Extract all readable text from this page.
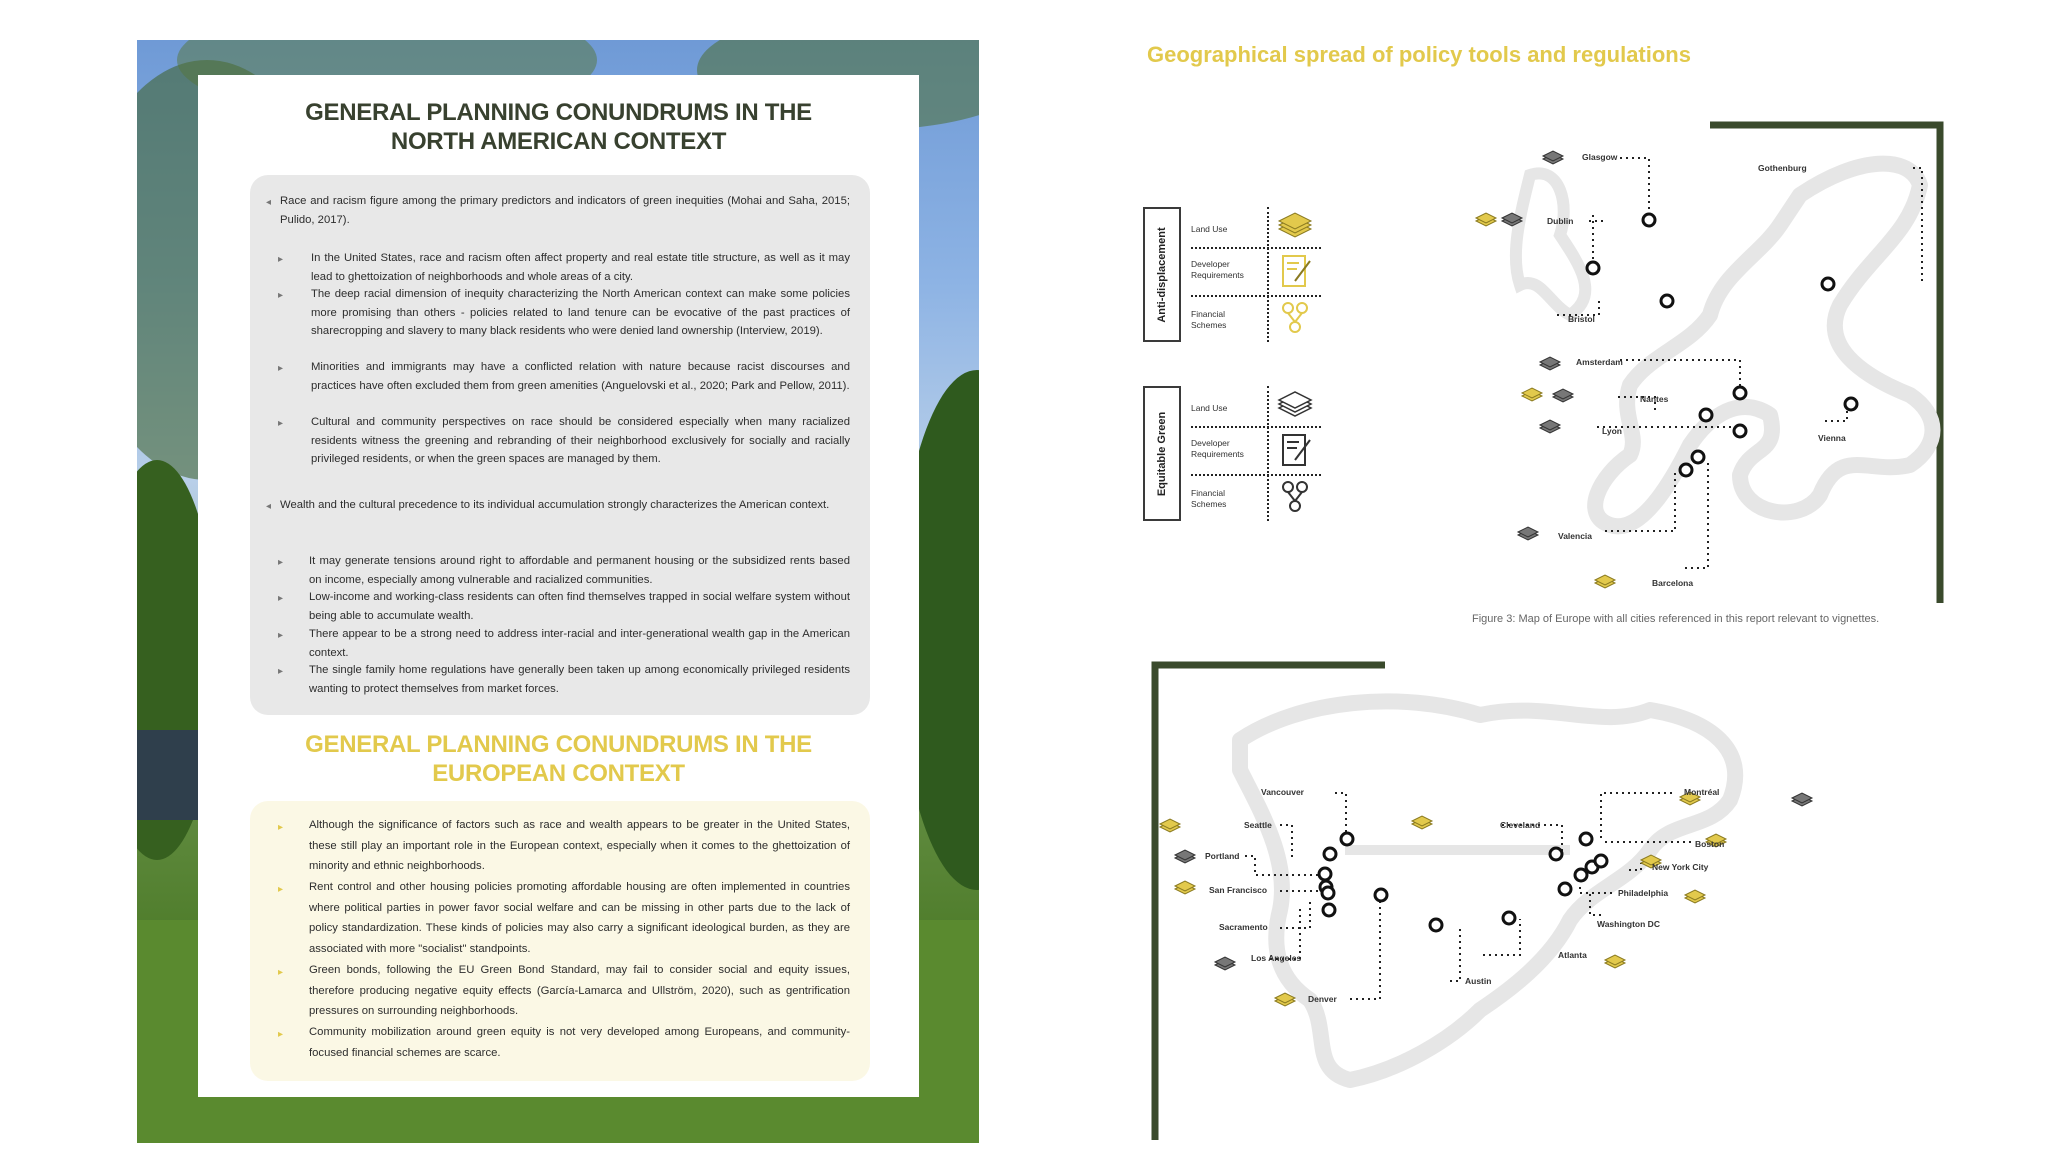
GENERAL PLANNING CONUNDRUMS IN THE
NORTH AMERICAN CONTEXT
◂ Race and racism figure among the primary predictors and indicators of green inequities (Mohai and Saha, 2015; Pulido, 2017).
▸ In the United States, race and racism often affect property and real estate title structure, as well as it may lead to ghettoization of neighborhoods and whole areas of a city.
▸ The deep racial dimension of inequity characterizing the North American context can make some policies more promising than others - policies related to land tenure can be evocative of the past practices of sharecropping and slavery to many black residents who were denied land ownership (Interview, 2019).
▸ Minorities and immigrants may have a conflicted relation with nature because racist discourses and practices have often excluded them from green amenities (Anguelovski et al., 2020; Park and Pellow, 2011).
▸ Cultural and community perspectives on race should be considered especially when many racialized residents witness the greening and rebranding of their neighborhood exclusively for socially and racially privileged residents, or when the green spaces are managed by them.
◂ Wealth and the cultural precedence to its individual accumulation strongly characterizes the American context.
▸ It may generate tensions around right to affordable and permanent housing or the subsidized rents based on income, especially among vulnerable and racialized communities.
▸ Low-income and working-class residents can often find themselves trapped in social welfare system without being able to accumulate wealth.
▸ There appear to be a strong need to address inter-racial and inter-generational wealth gap in the American context.
▸ The single family home regulations have generally been taken up among economically privileged residents wanting to protect themselves from market forces.
GENERAL PLANNING CONUNDRUMS IN THE
EUROPEAN CONTEXT
▸ Although the significance of factors such as race and wealth appears to be greater in the United States, these still play an important role in the European context, especially when it comes to the ghettoization of minority and ethnic neighborhoods.
▸ Rent control and other housing policies promoting affordable housing are often implemented in countries where political parties in power favor social welfare and can be missing in other parts due to the lack of policy standardization. These kinds of policies may also carry a significant ideological burden, as they are associated with more "socialist" standpoints.
▸ Green bonds, following the EU Green Bond Standard, may fail to consider social and equity issues, therefore producing negative equity effects (García-Lamarca and Ullström, 2020), such as gentrification pressures on surrounding neighborhoods.
▸ Community mobilization around green equity is not very developed among Europeans, and community-focused financial schemes are scarce.
Geographical spread of policy tools and regulations
Anti-displacement	Land Use
Developer Requirements
Financial Schemes
Equitable Green
Land Use
Developer Requirements
Financial Schemes
Glasgow
Gothenburg
Dublin
Bristol
Amsterdam
Nantes
Lyon
Vienna
Valencia
Barcelona
Figure 3: Map of Europe with all cities referenced in this report relevant to vignettes.
Vancouver
Seattle
Portland
San Francisco
Sacramento
Los Angeles
Denver
Austin
Cleveland
Montréal
Boston
New York City
Philadelphia
Washington DC
Atlanta
